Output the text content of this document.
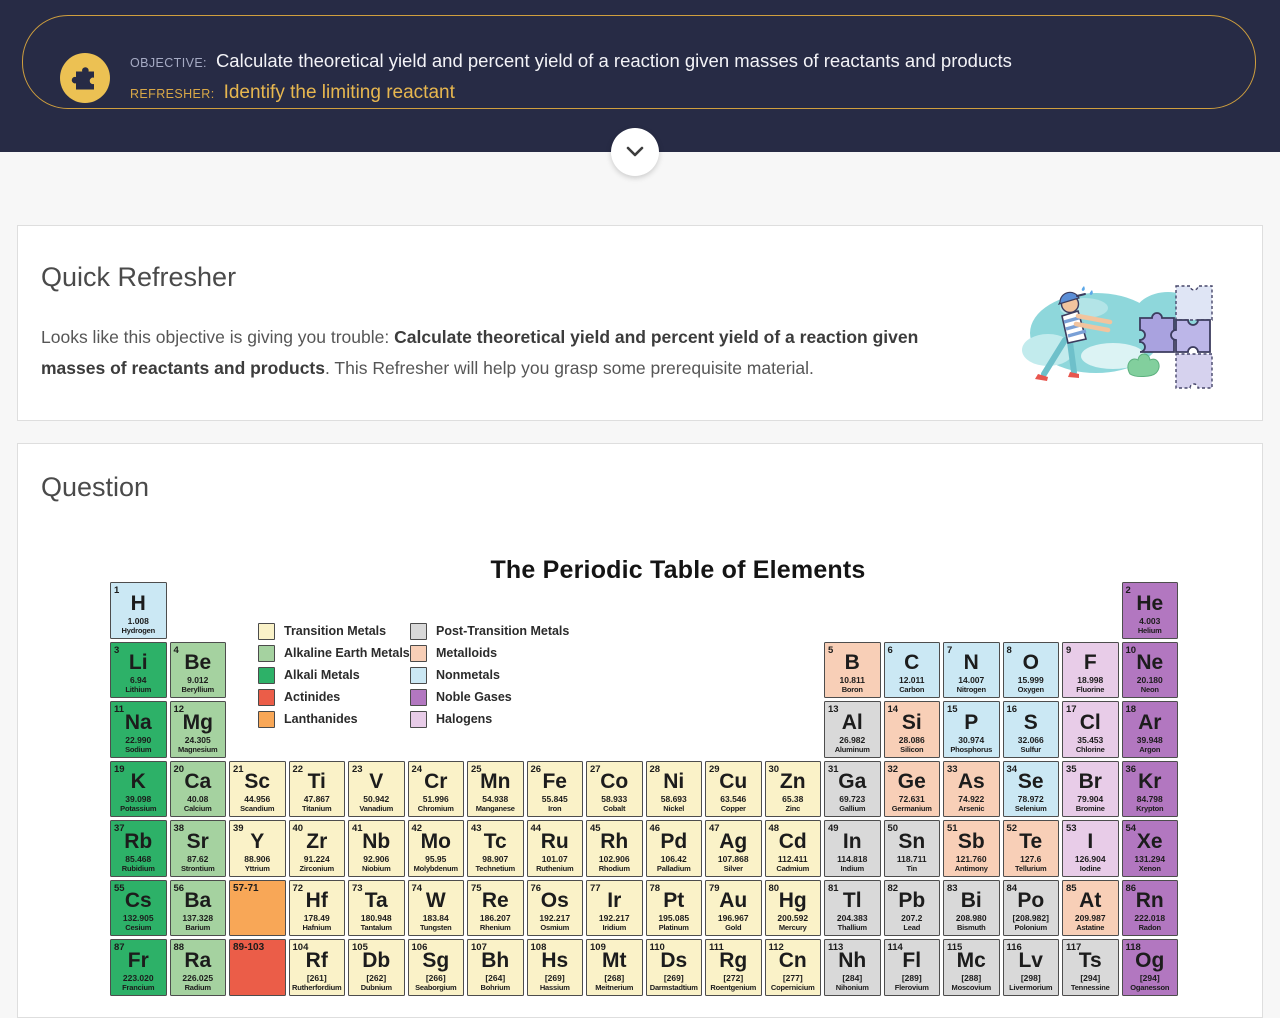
OBJECTIVE: Calculate theoretical yield and percent yield of a reaction given masses of reactants and products
REFRESHER: Identify the limiting reactant
Quick Refresher

Looks like this objective is giving you trouble: Calculate theoretical yield and percent yield of a reaction given masses of reactants and products. This Refresher will help you grasp some prerequisite material.

Question
The Periodic Table of Elements
Transition Metals
Alkaline Earth Metals
Alkali Metals
Actinides
Lanthanides
Post-Transition Metals
Metalloids
Nonmetals
Noble Gases
Halogens
1
H
1.008
Hydrogen
2
He
4.003
Helium
3
Li
6.94
Lithium
4
Be
9.012
Beryllium
5
B
10.811
Boron
6
C
12.011
Carbon
7
N
14.007
Nitrogen
8
O
15.999
Oxygen
9
F
18.998
Fluorine
10
Ne
20.180
Neon
11
Na
22.990
Sodium
12
Mg
24.305
Magnesium
13
Al
26.982
Aluminum
14
Si
28.086
Silicon
15
P
30.974
Phosphorus
16
S
32.066
Sulfur
17
Cl
35.453
Chlorine
18
Ar
39.948
Argon
19
K
39.098
Potassium
20
Ca
40.08
Calcium
21
Sc
44.956
Scandium
22
Ti
47.867
Titanium
23
V
50.942
Vanadium
24
Cr
51.996
Chromium
25
Mn
54.938
Manganese
26
Fe
55.845
Iron
27
Co
58.933
Cobalt
28
Ni
58.693
Nickel
29
Cu
63.546
Copper
30
Zn
65.38
Zinc
31
Ga
69.723
Gallium
32
Ge
72.631
Germanium
33
As
74.922
Arsenic
34
Se
78.972
Selenium
35
Br
79.904
Bromine
36
Kr
84.798
Krypton
37
Rb
85.468
Rubidium
38
Sr
87.62
Strontium
39
Y
88.906
Yttrium
40
Zr
91.224
Zirconium
41
Nb
92.906
Niobium
42
Mo
95.95
Molybdenum
43
Tc
98.907
Technetium
44
Ru
101.07
Ruthenium
45
Rh
102.906
Rhodium
46
Pd
106.42
Palladium
47
Ag
107.868
Silver
48
Cd
112.411
Cadmium
49
In
114.818
Indium
50
Sn
118.711
Tin
51
Sb
121.760
Antimony
52
Te
127.6
Tellurium
53
I
126.904
Iodine
54
Xe
131.294
Xenon
55
Cs
132.905
Cesium
56
Ba
137.328
Barium
57-71	72
Hf
178.49
Hafnium
73
Ta
180.948
Tantalum
74
W
183.84
Tungsten
75
Re
186.207
Rhenium
76
Os
192.217
Osmium
77
Ir
192.217
Iridium
78
Pt
195.085
Platinum
79
Au
196.967
Gold
80
Hg
200.592
Mercury
81
Tl
204.383
Thallium
82
Pb
207.2
Lead
83
Bi
208.980
Bismuth
84
Po
[208.982]
Polonium
85
At
209.987
Astatine
86
Rn
222.018
Radon
87
Fr
223.020
Francium
88
Ra
226.025
Radium
89-103	104
Rf
[261]
Rutherfordium
105
Db
[262]
Dubnium
106
Sg
[266]
Seaborgium
107
Bh
[264]
Bohrium
108
Hs
[269]
Hassium
109
Mt
[268]
Meitnerium
110
Ds
[269]
Darmstadtium
111
Rg
[272]
Roentgenium
112
Cn
[277]
Copernicium
113
Nh
[284]
Nihonium
114
Fl
[289]
Flerovium
115
Mc
[288]
Moscovium
116
Lv
[298]
Livermorium
117
Ts
[294]
Tennessine
118
Og
[294]
Oganesson
